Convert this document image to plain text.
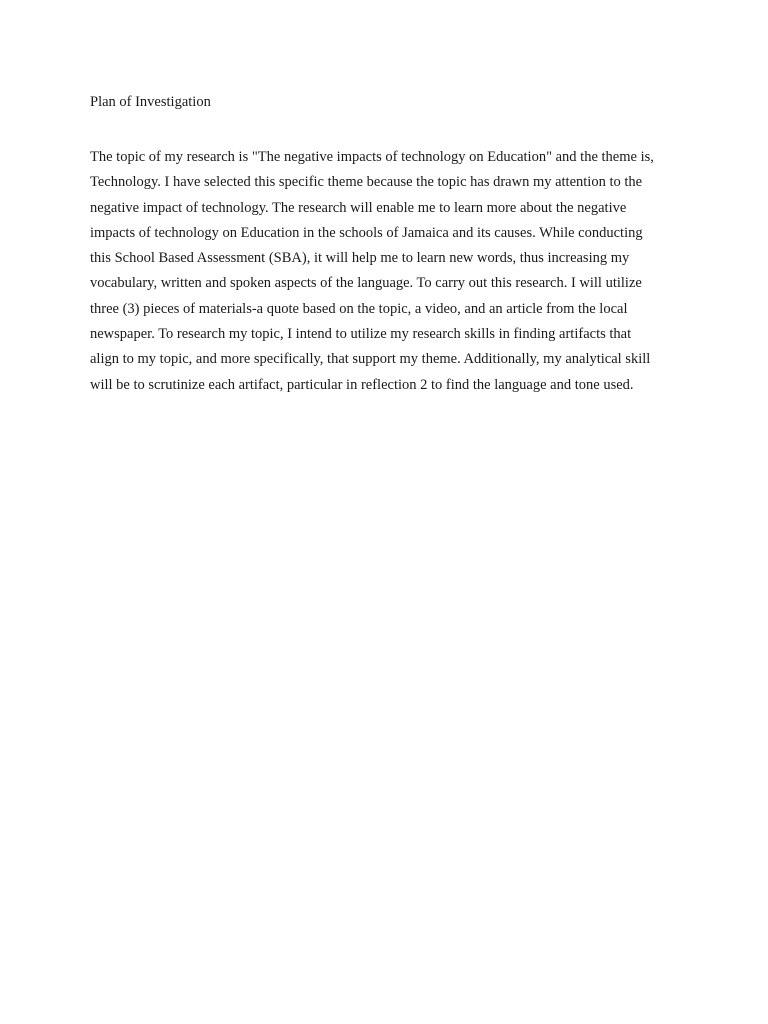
Plan of Investigation
The topic of my research is "The negative impacts of technology on Education" and the theme is,
Technology. I have selected this specific theme because the topic has drawn my attention to the
negative impact of technology. The research will enable me to learn more about the negative
impacts of technology on Education in the schools of Jamaica and its causes. While conducting
this School Based Assessment (SBA), it will help me to learn new words, thus increasing my
vocabulary, written and spoken aspects of the language. To carry out this research. I will utilize
three (3) pieces of materials-a quote based on the topic, a video, and an article from the local
newspaper. To research my topic, I intend to utilize my research skills in finding artifacts that
align to my topic, and more specifically, that support my theme. Additionally, my analytical skill
will be to scrutinize each artifact, particular in reflection 2 to find the language and tone used.
